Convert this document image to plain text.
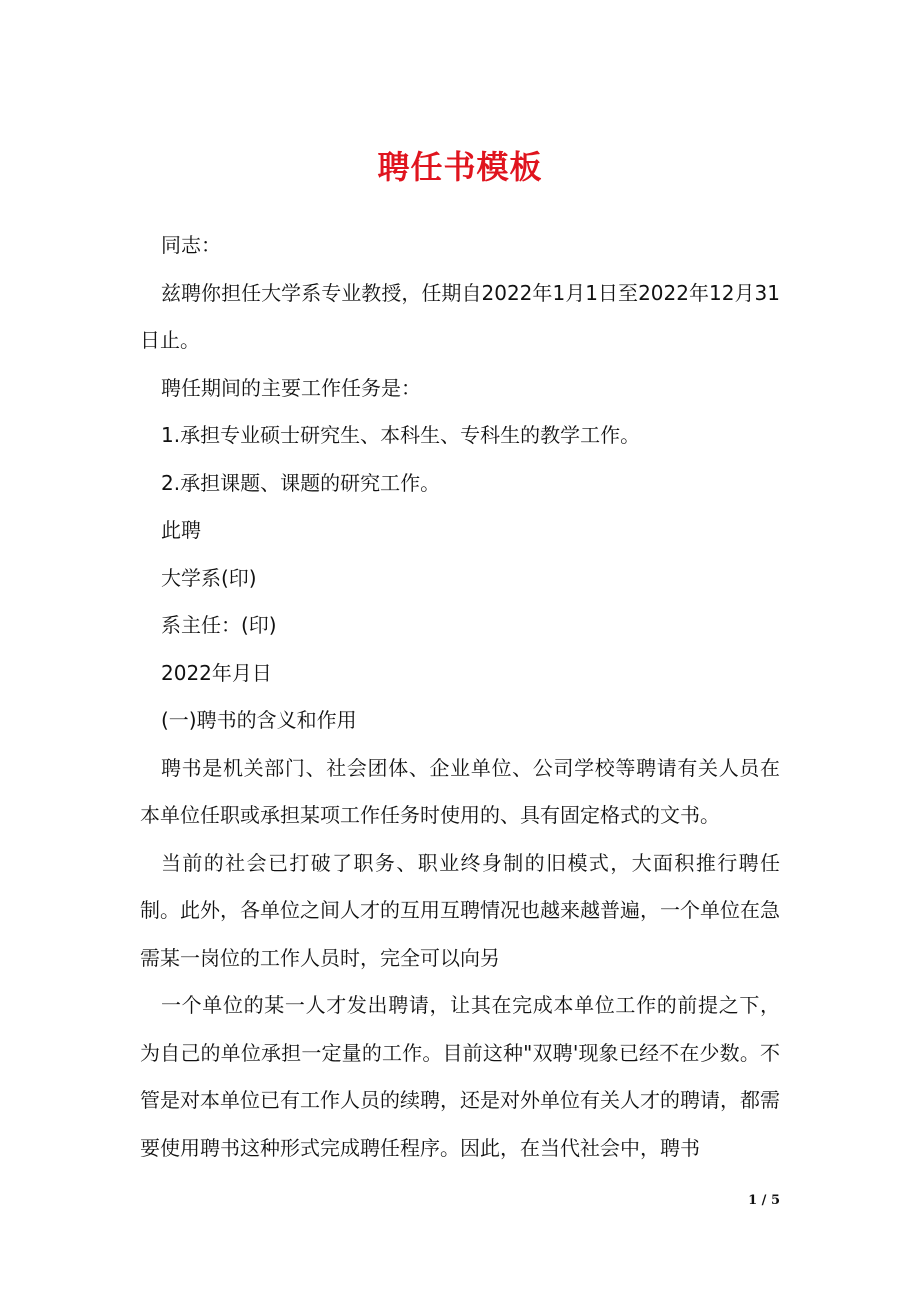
聘任书模板

同志：

兹聘你担任大学系专业教授，任期自2022年1月1日至2022年12月31日止。

聘任期间的主要工作任务是：

1.承担专业硕士研究生、本科生、专科生的教学工作。

2.承担课题、课题的研究工作。

此聘

大学系(印)

系主任：(印)

2022年月日

(一)聘书的含义和作用

聘书是机关部门、社会团体、企业单位、公司学校等聘请有关人员在本单位任职或承担某项工作任务时使用的、具有固定格式的文书。

当前的社会已打破了职务、职业终身制的旧模式，大面积推行聘任制。此外，各单位之间人才的互用互聘情况也越来越普遍，一个单位在急需某一岗位的工作人员时，完全可以向另

一个单位的某一人才发出聘请，让其在完成本单位工作的前提之下，为自己的单位承担一定量的工作。目前这种"双聘'现象已经不在少数。不管是对本单位已有工作人员的续聘，还是对外单位有关人才的聘请，都需要使用聘书这种形式完成聘任程序。因此，在当代社会中，聘书

1 / 5
